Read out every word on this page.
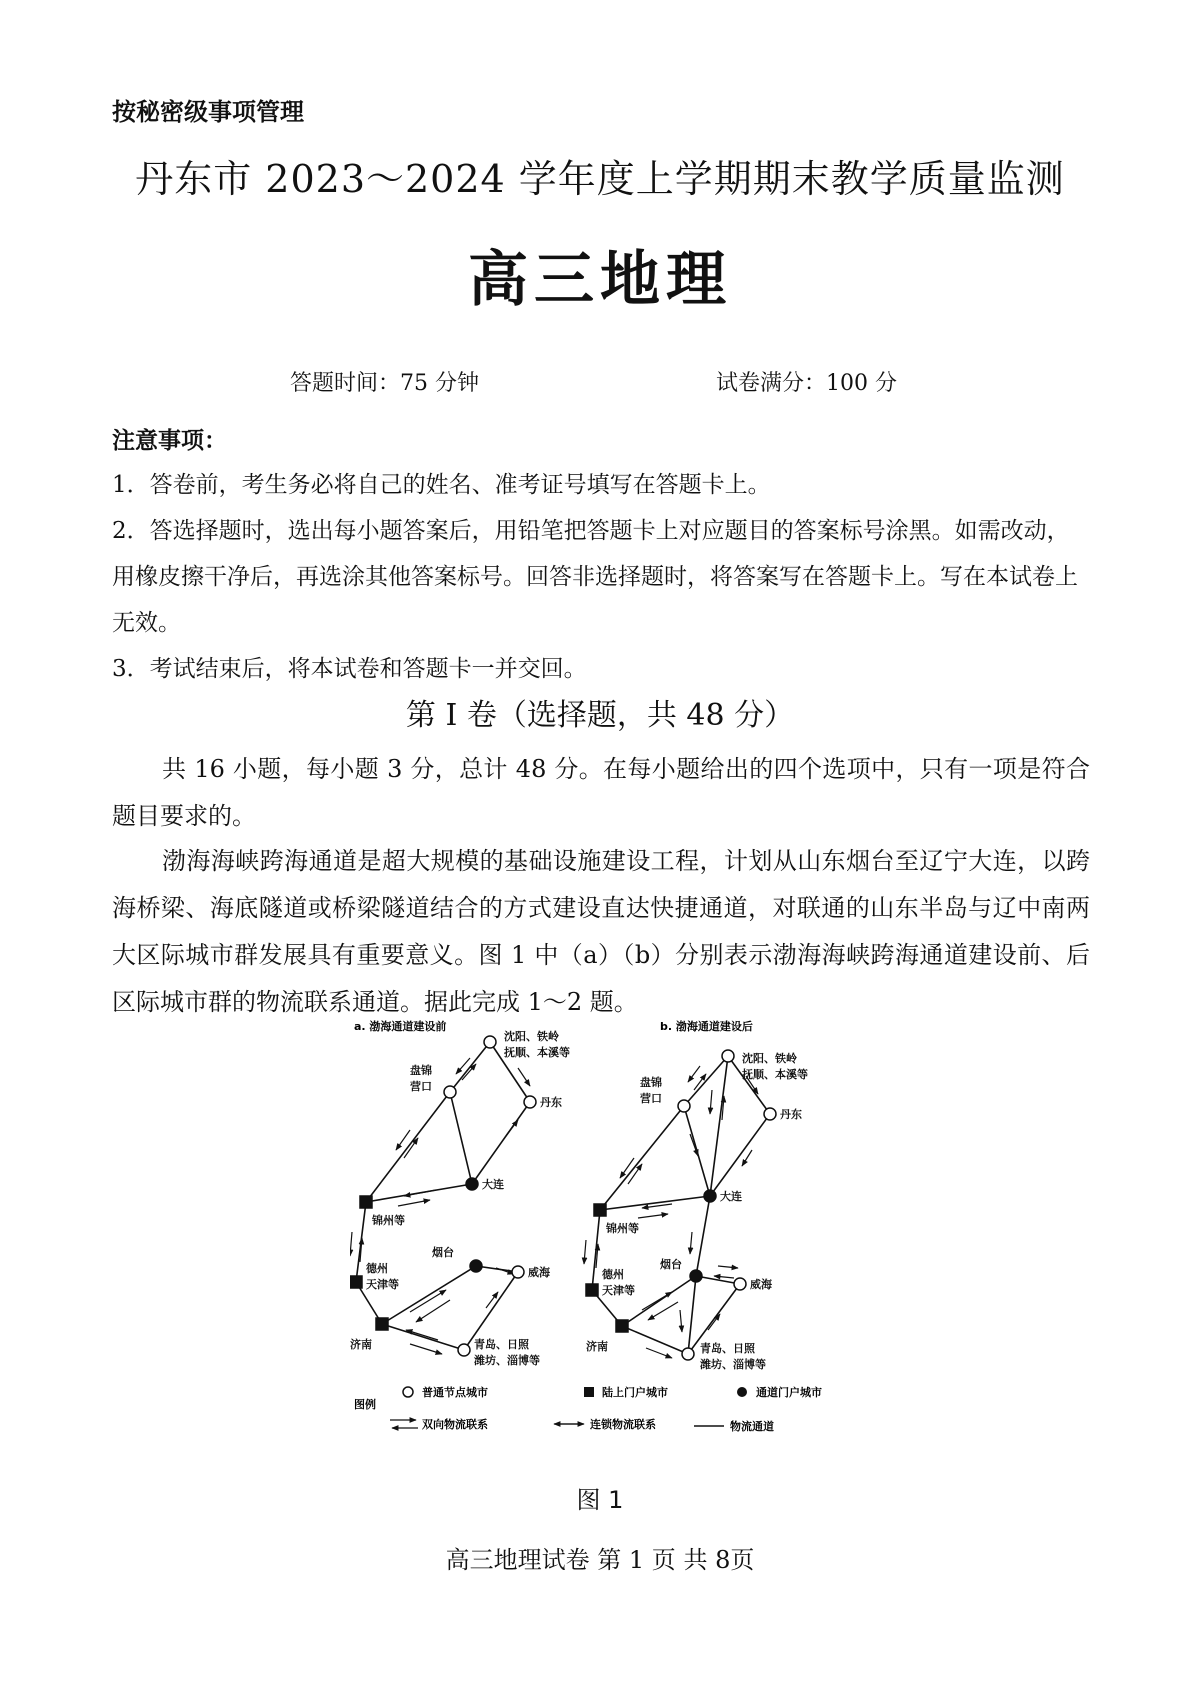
按秘密级事项管理
丹东市 2023～2024 学年度上学期期末教学质量监测
高三地理
答题时间：75 分钟	试卷满分：100 分
注意事项：
1．答卷前，考生务必将自己的姓名、准考证号填写在答题卡上。
2．答选择题时，选出每小题答案后，用铅笔把答题卡上对应题目的答案标号涂黑。如需改动，用橡皮擦干净后，再选涂其他答案标号。回答非选择题时，将答案写在答题卡上。写在本试卷上无效。
3．考试结束后，将本试卷和答题卡一并交回。
第 I 卷（选择题，共 48 分）
共 16 小题，每小题 3 分，总计 48 分。在每小题给出的四个选项中，只有一项是符合题目要求的。
渤海海峡跨海通道是超大规模的基础设施建设工程，计划从山东烟台至辽宁大连，以跨海桥梁、海底隧道或桥梁隧道结合的方式建设直达快捷通道，对联通的山东半岛与辽中南两大区际城市群发展具有重要意义。图 1 中（a）（b）分别表示渤海海峡跨海通道建设前、后区际城市群的物流联系通道。据此完成 1～2 题。
a. 渤海通道建设前	b. 渤海通道建设后
沈阳、铁岭
抚顺、本溪等
盘锦
营口
丹东
大连
锦州等
德州
天津等
烟台
威海
济南	青岛、日照
潍坊、淄博等
沈阳、铁岭
抚顺、本溪等
盘锦
营口
丹东
大连
锦州等
德州
天津等
烟台
威海
济南	青岛、日照
潍坊、淄博等
图例
普通节点城市	陆上门户城市	通道门户城市
双向物流联系	连锁物流联系	物流通道
图 1
高三地理试卷 第 1 页 共 8页
